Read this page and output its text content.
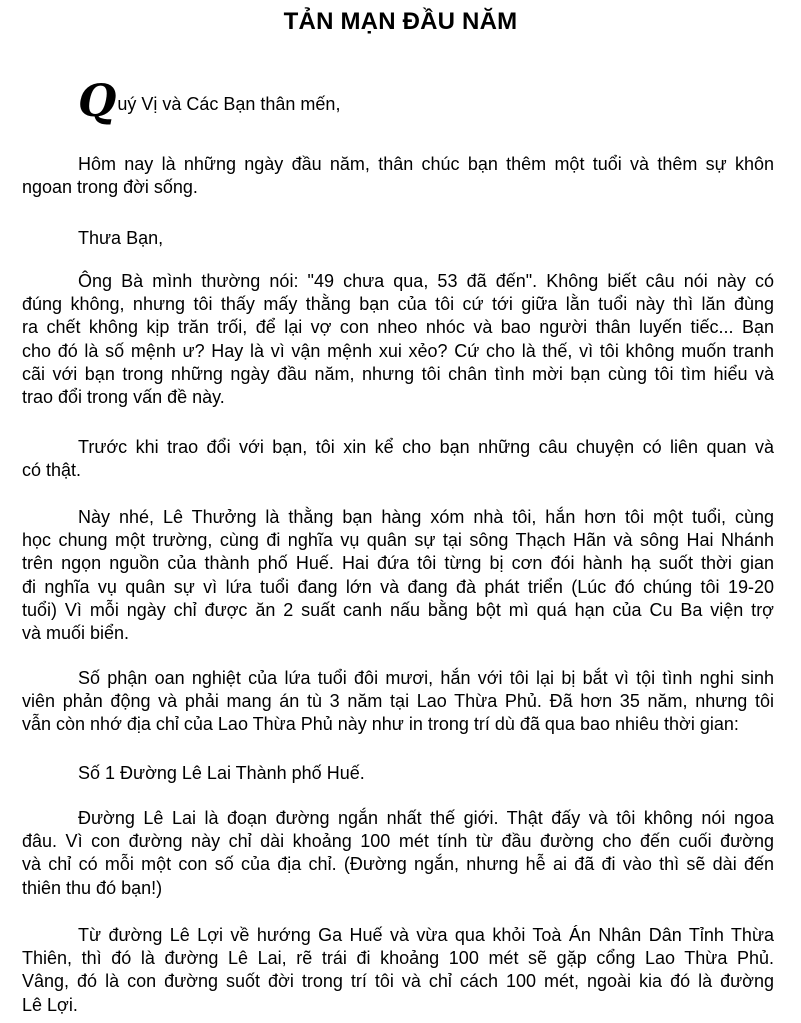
TẢN MẠN ĐẦU NĂM
Quý Vị và Các Bạn thân mến,
Hôm nay là những ngày đầu năm, thân chúc bạn thêm một tuổi và thêm sự khôn
ngoan trong đời sống.
Thưa Bạn,
Ông Bà mình thường nói: "49 chưa qua, 53 đã đến". Không biết câu nói này có
đúng không, nhưng tôi thấy mấy thằng bạn của tôi cứ tới giữa lằn tuổi này thì lăn đùng
ra chết không kịp trăn trối, để lại vợ con nheo nhóc và bao người thân luyến tiếc... Bạn
cho đó là số mệnh ư? Hay là vì vận mệnh xui xẻo? Cứ cho là thế, vì tôi không muốn tranh
cãi với bạn trong những ngày đầu năm, nhưng tôi chân tình mời bạn cùng tôi tìm hiểu và
trao đổi trong vấn đề này.
Trước khi trao đổi với bạn, tôi xin kể cho bạn những câu chuyện có liên quan và
có thật.
Này nhé, Lê Thưởng là thằng bạn hàng xóm nhà tôi, hắn hơn tôi một tuổi, cùng
học chung một trường, cùng đi nghĩa vụ quân sự tại sông Thạch Hãn và sông Hai Nhánh
trên ngọn nguồn của thành phố Huế. Hai đứa tôi từng bị cơn đói hành hạ suốt thời gian
đi nghĩa vụ quân sự vì lứa tuổi đang lớn và đang đà phát triển (Lúc đó chúng tôi 19-20
tuổi) Vì mỗi ngày chỉ được ăn 2 suất canh nấu bằng bột mì quá hạn của Cu Ba viện trợ
và muối biển.
Số phận oan nghiệt của lứa tuổi đôi mươi, hắn với tôi lại bị bắt vì tội tình nghi sinh
viên phản động và phải mang án tù 3 năm tại Lao Thừa Phủ. Đã hơn 35 năm, nhưng tôi
vẫn còn nhớ địa chỉ của Lao Thừa Phủ này như in trong trí dù đã qua bao nhiêu thời gian:
Số 1 Đường Lê Lai Thành phố Huế.
Đường Lê Lai là đoạn đường ngắn nhất thế giới. Thật đấy và tôi không nói ngoa
đâu. Vì con đường này chỉ dài khoảng 100 mét tính từ đầu đường cho đến cuối đường
và chỉ có mỗi một con số của địa chỉ. (Đường ngắn, nhưng hễ ai đã đi vào thì sẽ dài đến
thiên thu đó bạn!)
Từ đường Lê Lợi về hướng Ga Huế và vừa qua khỏi Toà Án Nhân Dân Tỉnh Thừa
Thiên, thì đó là đường Lê Lai, rẽ trái đi khoảng 100 mét sẽ gặp cổng Lao Thừa Phủ.
Vâng, đó là con đường suốt đời trong trí tôi và chỉ cách 100 mét, ngoài kia đó là đường
Lê Lợi.
